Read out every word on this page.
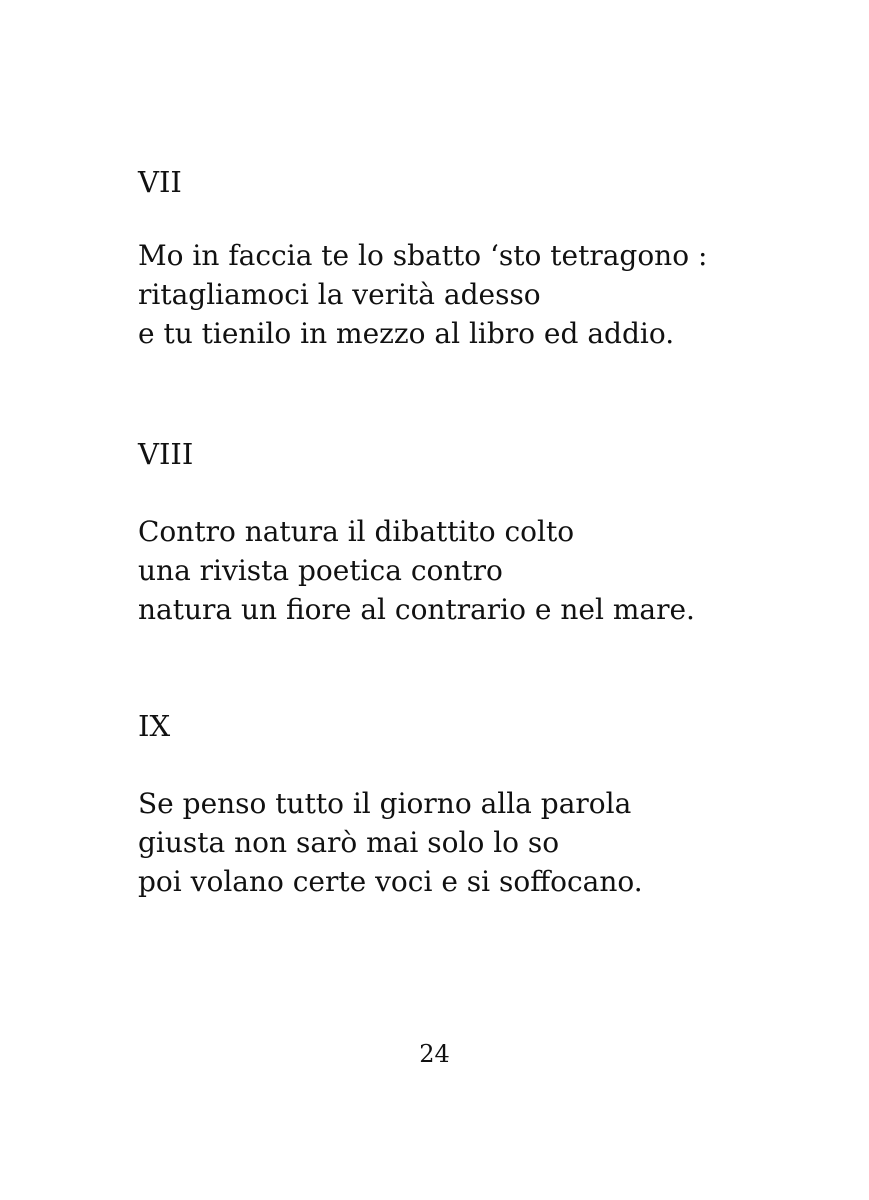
VII
Mo in faccia te lo sbatto ‘sto tetragono :
ritagliamoci la verità adesso
e tu tienilo in mezzo al libro ed addio.
VIII
Contro natura il dibattito colto
una rivista poetica contro
natura un fiore al contrario e nel mare.
IX
Se penso tutto il giorno alla parola
giusta non sarò mai solo lo so
poi volano certe voci e si soffocano.
24
